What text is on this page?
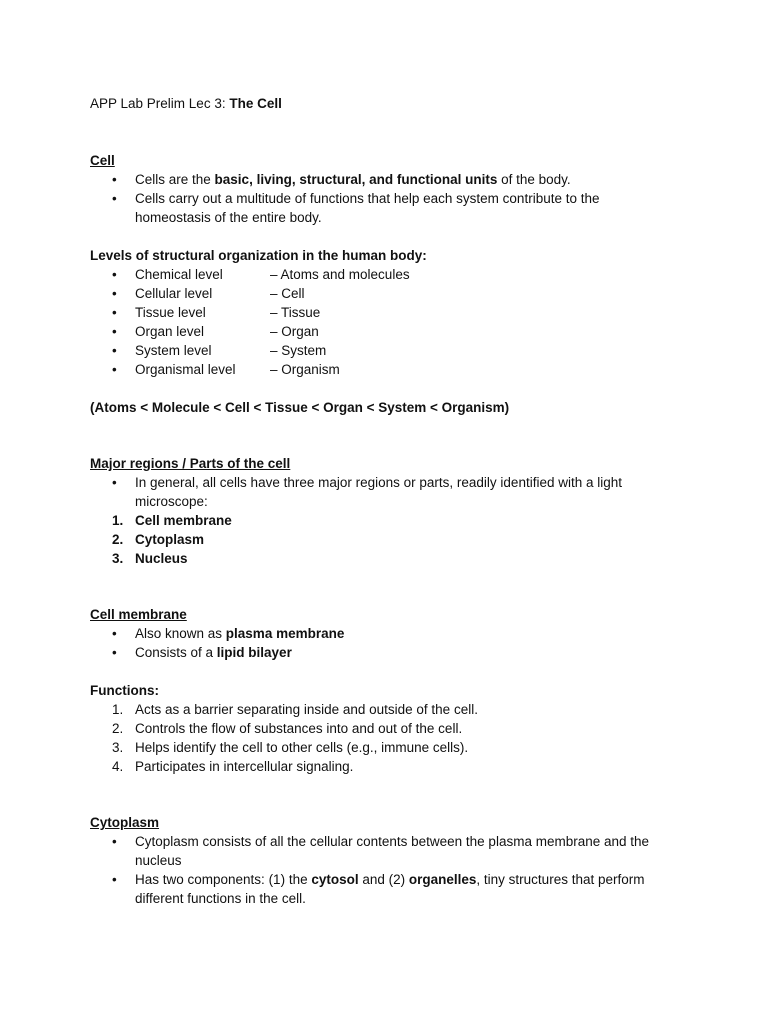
APP Lab Prelim Lec 3: The Cell
Cell
• Cells are the basic, living, structural, and functional units of the body.
• Cells carry out a multitude of functions that help each system contribute to the homeostasis of the entire body.
Levels of structural organization in the human body:
• Chemical level	– Atoms and molecules
• Cellular level	– Cell
• Tissue level	– Tissue
• Organ level	– Organ
• System level	– System
• Organismal level	– Organism
(Atoms < Molecule < Cell < Tissue < Organ < System < Organism)
Major regions / Parts of the cell
• In general, all cells have three major regions or parts, readily identified with a light microscope:
1. Cell membrane
2. Cytoplasm
3. Nucleus
Cell membrane
• Also known as plasma membrane
• Consists of a lipid bilayer
Functions:
1. Acts as a barrier separating inside and outside of the cell.
2. Controls the flow of substances into and out of the cell.
3. Helps identify the cell to other cells (e.g., immune cells).
4. Participates in intercellular signaling.
Cytoplasm
• Cytoplasm consists of all the cellular contents between the plasma membrane and the nucleus
• Has two components: (1) the cytosol and (2) organelles, tiny structures that perform different functions in the cell.
